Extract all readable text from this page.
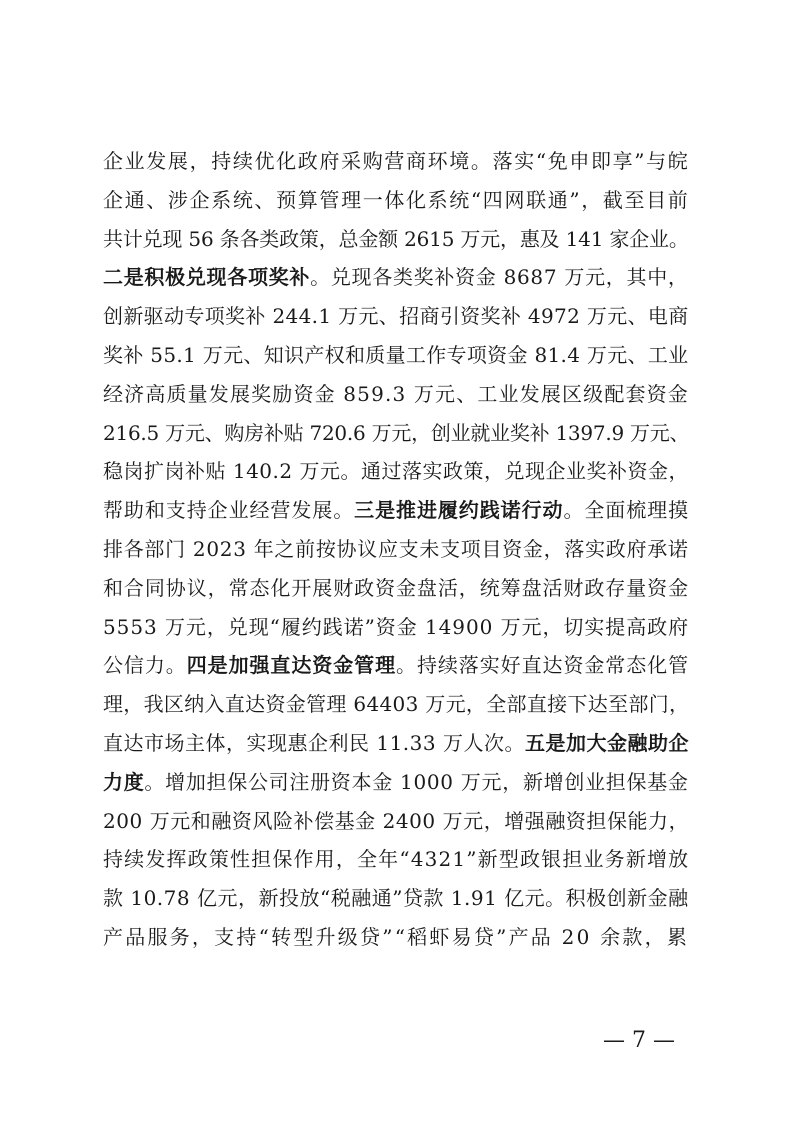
企业发展，持续优化政府采购营商环境。落实“免申即享”与皖
企通、涉企系统、预算管理一体化系统“四网联通”，截至目前
共计兑现 56 条各类政策，总金额 2615 万元，惠及 141 家企业。
二是积极兑现各项奖补。兑现各类奖补资金 8687 万元，其中，
创新驱动专项奖补 244.1 万元、招商引资奖补 4972 万元、电商
奖补 55.1 万元、知识产权和质量工作专项资金 81.4 万元、工业
经济高质量发展奖励资金 859.3 万元、工业发展区级配套资金
216.5 万元、购房补贴 720.6 万元，创业就业奖补 1397.9 万元、
稳岗扩岗补贴 140.2 万元。通过落实政策，兑现企业奖补资金，
帮助和支持企业经营发展。三是推进履约践诺行动。全面梳理摸
排各部门 2023 年之前按协议应支未支项目资金，落实政府承诺
和合同协议，常态化开展财政资金盘活，统筹盘活财政存量资金
5553 万元，兑现“履约践诺”资金 14900 万元，切实提高政府
公信力。四是加强直达资金管理。持续落实好直达资金常态化管
理，我区纳入直达资金管理 64403 万元，全部直接下达至部门，
直达市场主体，实现惠企利民 11.33 万人次。五是加大金融助企
力度。增加担保公司注册资本金 1000 万元，新增创业担保基金
200 万元和融资风险补偿基金 2400 万元，增强融资担保能力，
持续发挥政策性担保作用，全年“4321”新型政银担业务新增放
款 10.78 亿元，新投放“税融通”贷款 1.91 亿元。积极创新金融
产品服务，支持“转型升级贷”“稻虾易贷”产品 20 余款，累
— 7 —
